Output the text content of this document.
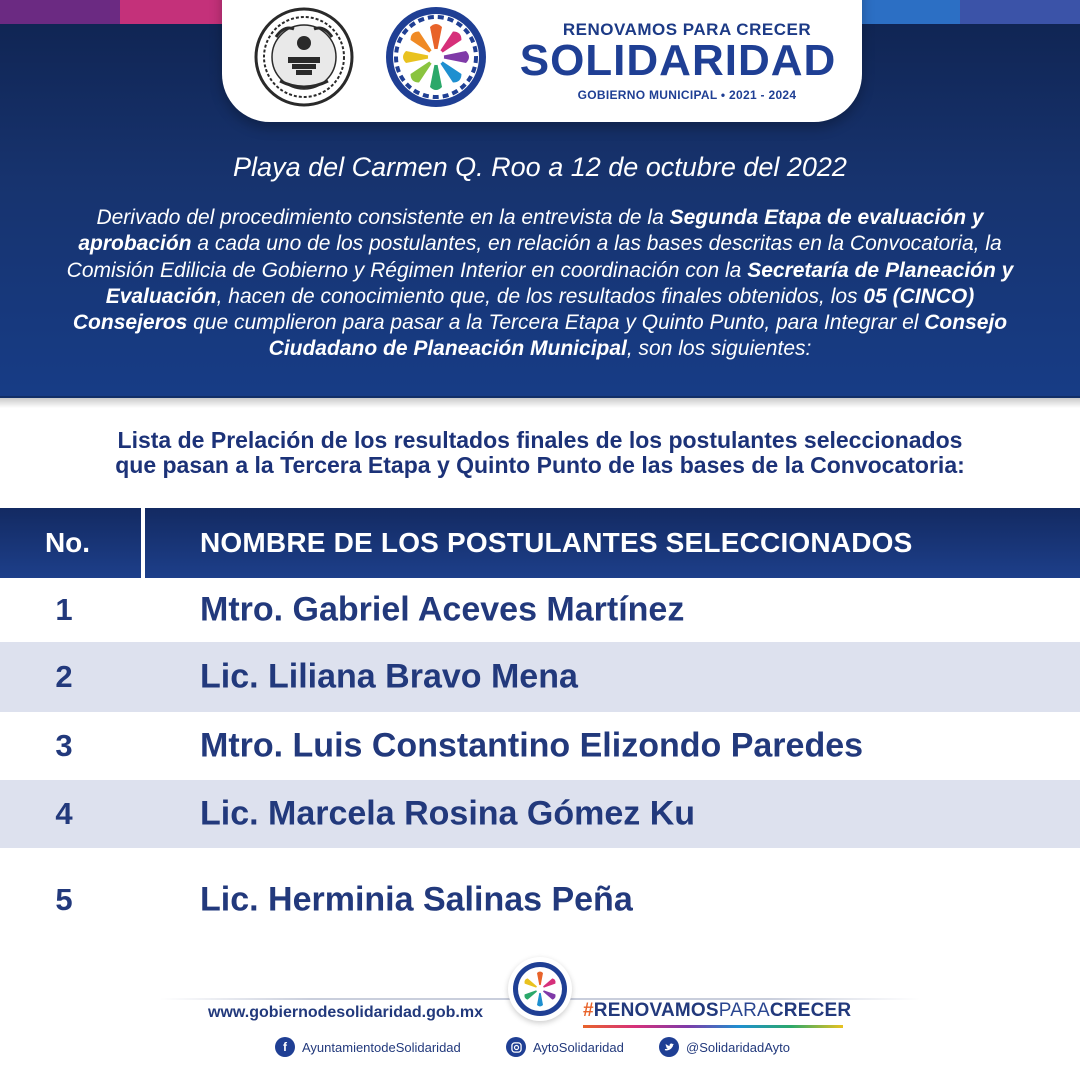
RENOVAMOS PARA CRECER
SOLIDARIDAD
GOBIERNO MUNICIPAL • 2021 - 2024
Playa del Carmen Q. Roo a 12 de octubre del 2022
Derivado del procedimiento consistente en la entrevista de la Segunda Etapa de evaluación y aprobación a cada uno de los postulantes, en relación a las bases descritas en la Convocatoria, la Comisión Edilicia de Gobierno y Régimen Interior en coordinación con la Secretaría de Planeación y Evaluación, hacen de conocimiento que, de los resultados finales obtenidos, los 05 (CINCO) Consejeros que cumplieron para pasar a la Tercera Etapa y Quinto Punto, para Integrar el Consejo Ciudadano de Planeación Municipal, son los siguientes:
Lista de Prelación de los resultados finales de los postulantes seleccionados
que pasan a la Tercera Etapa y Quinto Punto de las bases de la Convocatoria:
No.	NOMBRE DE LOS POSTULANTES SELECCIONADOS
1	Mtro. Gabriel Aceves Martínez
2	Lic. Liliana Bravo Mena
3	Mtro. Luis Constantino Elizondo Paredes
4	Lic. Marcela Rosina Gómez Ku
5	Lic. Herminia Salinas Peña
www.gobiernodesolidaridad.gob.mx	#RENOVAMOSPARACRECER
f	AyuntamientodeSolidaridad	AytoSolidaridad	@SolidaridadAyto
